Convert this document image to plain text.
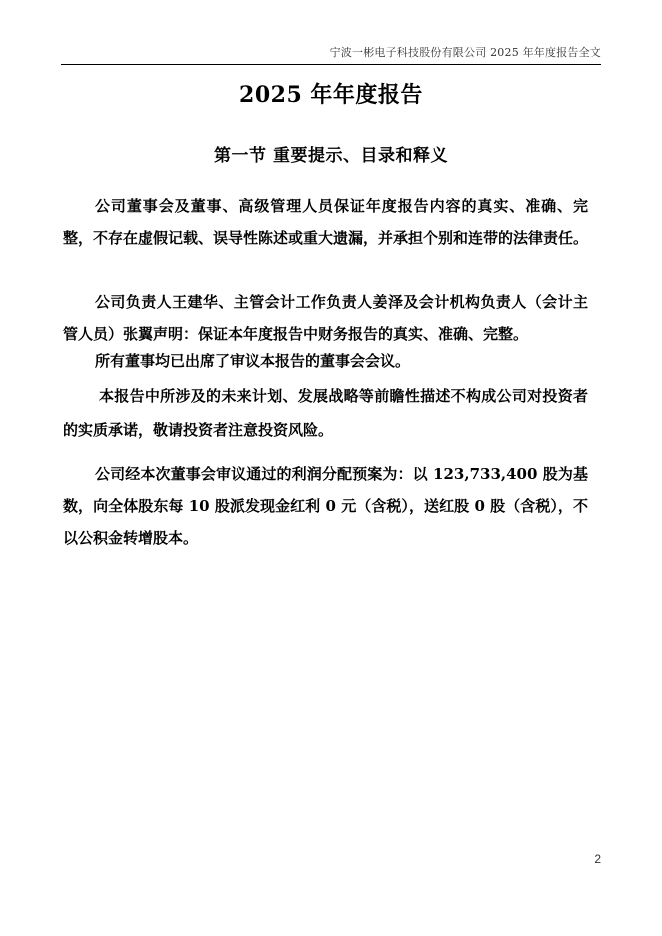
宁波一彬电子科技股份有限公司 2025 年年度报告全文
2025 年年度报告
第一节 重要提示、目录和释义

公司董事会及董事、高级管理人员保证年度报告内容的真实、准确、完整，不存在虚假记载、误导性陈述或重大遗漏，并承担个别和连带的法律责任。

公司负责人王建华、主管会计工作负责人姜泽及会计机构负责人（会计主管人员）张翼声明：保证本年度报告中财务报告的真实、准确、完整。

所有董事均已出席了审议本报告的董事会会议。

本报告中所涉及的未来计划、发展战略等前瞻性描述不构成公司对投资者的实质承诺，敬请投资者注意投资风险。

公司经本次董事会审议通过的利润分配预案为：以 123,733,400 股为基数，向全体股东每 10 股派发现金红利 0 元（含税），送红股 0 股（含税），不以公积金转增股本。

2
